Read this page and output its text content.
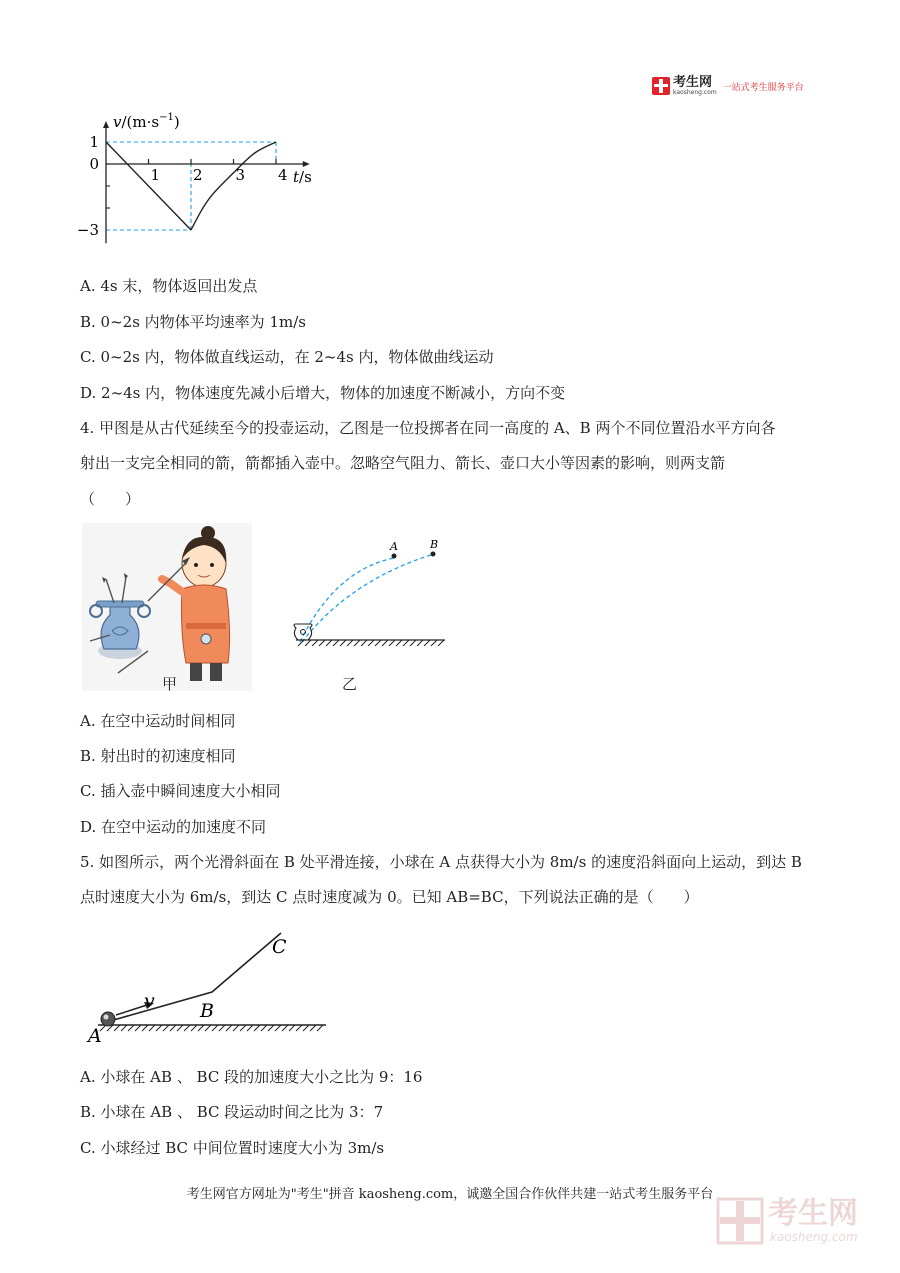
考生网
kaosheng.com 一站式考生服务平台
1 2 3 4
1
0
−3
$v/(m\cdot s^{-1})$
t/s
A. 4s 末，物体返回出发点
B. 0~2s 内物体平均速率为 1m/s
C. 0~2s 内，物体做直线运动，在 2~4s 内，物体做曲线运动
D. 2~4s 内，物体速度先减小后增大，物体的加速度不断减小，方向不变
4. 甲图是从古代延续至今的投壶运动，乙图是一位投掷者在同一高度的 A、B 两个不同位置沿水平方向各
射出一支完全相同的箭，箭都插入壶中。忽略空气阻力、箭长、壶口大小等因素的影响，则两支箭
（　　）
甲
A	B
乙
A. 在空中运动时间相同
B. 射出时的初速度相同
C. 插入壶中瞬间速度大小相同
D. 在空中运动的加速度不同
5. 如图所示，两个光滑斜面在 B 处平滑连接，小球在 A 点获得大小为 8m/s 的速度沿斜面向上运动，到达 B
点时速度大小为 6m/s，到达 C 点时速度减为 0。已知 AB=BC，下列说法正确的是（　　）
v
A
B
C
A. 小球在 AB 、 BC 段的加速度大小之比为 9：16
B. 小球在 AB 、 BC 段运动时间之比为 3：7
C. 小球经过 BC 中间位置时速度大小为 3m/s
考生网官方网址为"考生"拼音 kaosheng.com，诚邀全国合作伙伴共建一站式考生服务平台
考生网
kaosheng.com
